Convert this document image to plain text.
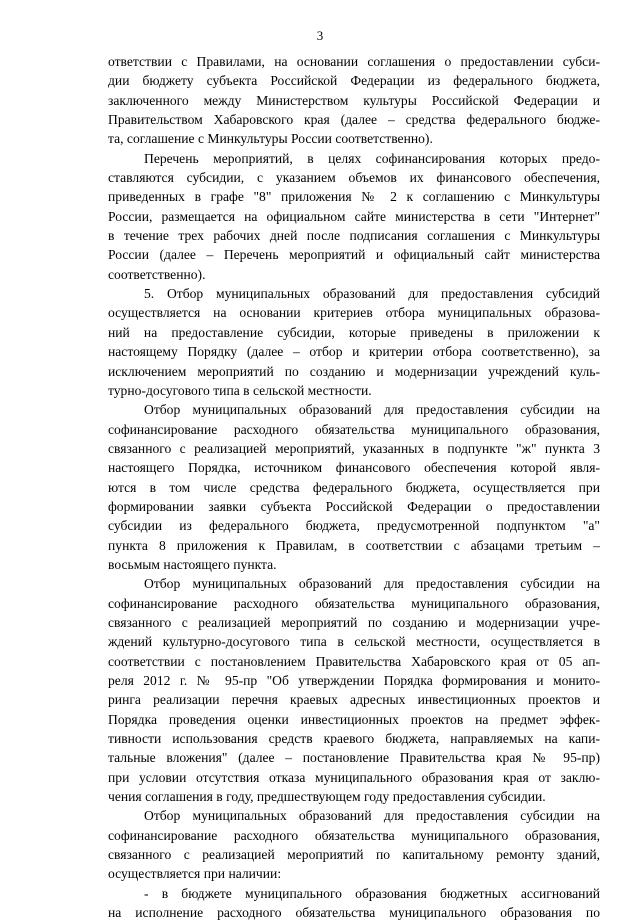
3
ответствии с Правилами, на основании соглашения о предоставлении субси-
дии бюджету субъекта Российской Федерации из федерального бюджета,
заключенного между Министерством культуры Российской Федерации и
Правительством Хабаровского края (далее – средства федерального бюдже-
та, соглашение с Минкультуры России соответственно).
Перечень мероприятий, в целях софинансирования которых предо-
ставляются субсидии, с указанием объемов их финансового обеспечения,
приведенных в графе "8" приложения № 2 к соглашению с Минкультуры
России, размещается на официальном сайте министерства в сети "Интернет"
в течение трех рабочих дней после подписания соглашения с Минкультуры
России (далее – Перечень мероприятий и официальный сайт министерства
соответственно).
5. Отбор муниципальных образований для предоставления субсидий
осуществляется на основании критериев отбора муниципальных образова-
ний на предоставление субсидии, которые приведены в приложении к
настоящему Порядку (далее – отбор и критерии отбора соответственно), за
исключением мероприятий по созданию и модернизации учреждений куль-
турно-досугового типа в сельской местности.
Отбор муниципальных образований для предоставления субсидии на
софинансирование расходного обязательства муниципального образования,
связанного с реализацией мероприятий, указанных в подпункте "ж" пункта 3
настоящего Порядка, источником финансового обеспечения которой явля-
ются в том числе средства федерального бюджета, осуществляется при
формировании заявки субъекта Российской Федерации о предоставлении
субсидии из федерального бюджета, предусмотренной подпунктом "а"
пункта 8 приложения к Правилам, в соответствии с абзацами третьим –
восьмым настоящего пункта.
Отбор муниципальных образований для предоставления субсидии на
софинансирование расходного обязательства муниципального образования,
связанного с реализацией мероприятий по созданию и модернизации учре-
ждений культурно-досугового типа в сельской местности, осуществляется в
соответствии с постановлением Правительства Хабаровского края от 05 ап-
реля 2012 г. № 95-пр "Об утверждении Порядка формирования и монито-
ринга реализации перечня краевых адресных инвестиционных проектов и
Порядка проведения оценки инвестиционных проектов на предмет эффек-
тивности использования средств краевого бюджета, направляемых на капи-
тальные вложения" (далее – постановление Правительства края № 95-пр)
при условии отсутствия отказа муниципального образования края от заклю-
чения соглашения в году, предшествующем году предоставления субсидии.
Отбор муниципальных образований для предоставления субсидии на
софинансирование расходного обязательства муниципального образования,
связанного с реализацией мероприятий по капитальному ремонту зданий,
осуществляется при наличии:
- в бюджете муниципального образования бюджетных ассигнований
на исполнение расходного обязательства муниципального образования по
